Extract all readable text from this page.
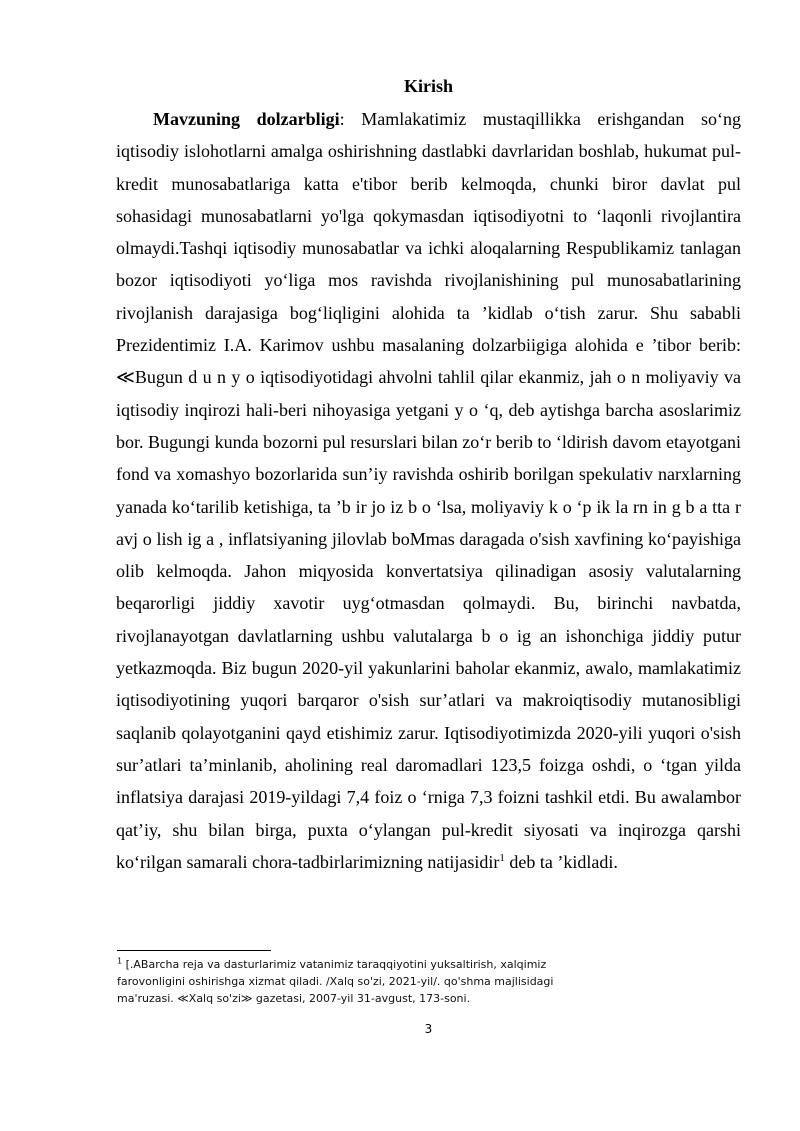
Kirish

Mavzuning dolzarbligi: Mamlakatimiz mustaqillikka erishgandan so‘ng iqtisodiy islohotlarni amalga oshirishning dastlabki davrlaridan boshlab, hukumat pul-kredit munosabatlariga katta e'tibor berib kelmoqda, chunki biror davlat pul sohasidagi munosabatlarni yo'lga qokymasdan iqtisodiyotni to ‘laqonli rivojlantira olmaydi.Tashqi iqtisodiy munosabatlar va ichki aloqalarning Respublikamiz tanlagan bozor iqtisodiyoti yo‘liga mos ravishda rivojlanishining pul munosabatlarining rivojlanish darajasiga bog‘liqligini alohida ta ’kidlab o‘tish zarur. Shu sababli Prezidentimiz I.A. Karimov ushbu masalaning dolzarbiigiga alohida e ’tibor berib: ≪Bugun d u n y o iqtisodiyotidagi ahvolni tahlil qilar ekanmiz, jah o n moliyaviy va iqtisodiy inqirozi hali-beri nihoyasiga yetgani y o ‘q, deb aytishga barcha asoslarimiz bor. Bugungi kunda bozorni pul resurslari bilan zo‘r berib to ‘ldirish davom etayotgani fond va xomashyo bozorlarida sun’iy ravishda oshirib borilgan spekulativ narxlarning yanada ko‘tarilib ketishiga, ta ’b ir jo iz b o ‘lsa, moliyaviy k o ‘p ik la rn in g b a tta r avj o lish ig a , inflatsiyaning jilovlab boMmas daragada o'sish xavfining ko‘payishiga olib kelmoqda. Jahon miqyosida konvertatsiya qilinadigan asosiy valutalarning beqarorligi jiddiy xavotir uyg‘otmasdan qolmaydi. Bu, birinchi navbatda, rivojlanayotgan davlatlarning ushbu valutalarga b o ig an ishonchiga jiddiy putur yetkazmoqda. Biz bugun 2020-yil yakunlarini baholar ekanmiz, awalo, mamlakatimiz iqtisodiyotining yuqori barqaror o'sish sur’atlari va makroiqtisodiy mutanosibligi saqlanib qolayotganini qayd etishimiz zarur. Iqtisodiyotimizda 2020-yili yuqori o'sish sur’atlari ta’minlanib, aholining real daromadlari 123,5 foizga oshdi, o ‘tgan yilda inflatsiya darajasi 2019-yildagi 7,4 foiz o ‘rniga 7,3 foizni tashkil etdi. Bu awalambor qat’iy, shu bilan birga, puxta o‘ylangan pul-kredit siyosati va inqirozga qarshi ko‘rilgan samarali chora-tadbirlarimizning natijasidir$^1$ deb ta ’kidladi.

$^1$ [.ABarcha reja va dasturlarimiz vatanimiz taraqqiyotini yuksaltirish, xalqimiz farovonligini oshirishga xizmat qiladi. /Xalq so'zi, 2021-yil/. qo'shma majlisidagi ma'ruzasi. ≪Xalq so'zi≫ gazetasi, 2007-yil 31-avgust, 173-soni.
3
